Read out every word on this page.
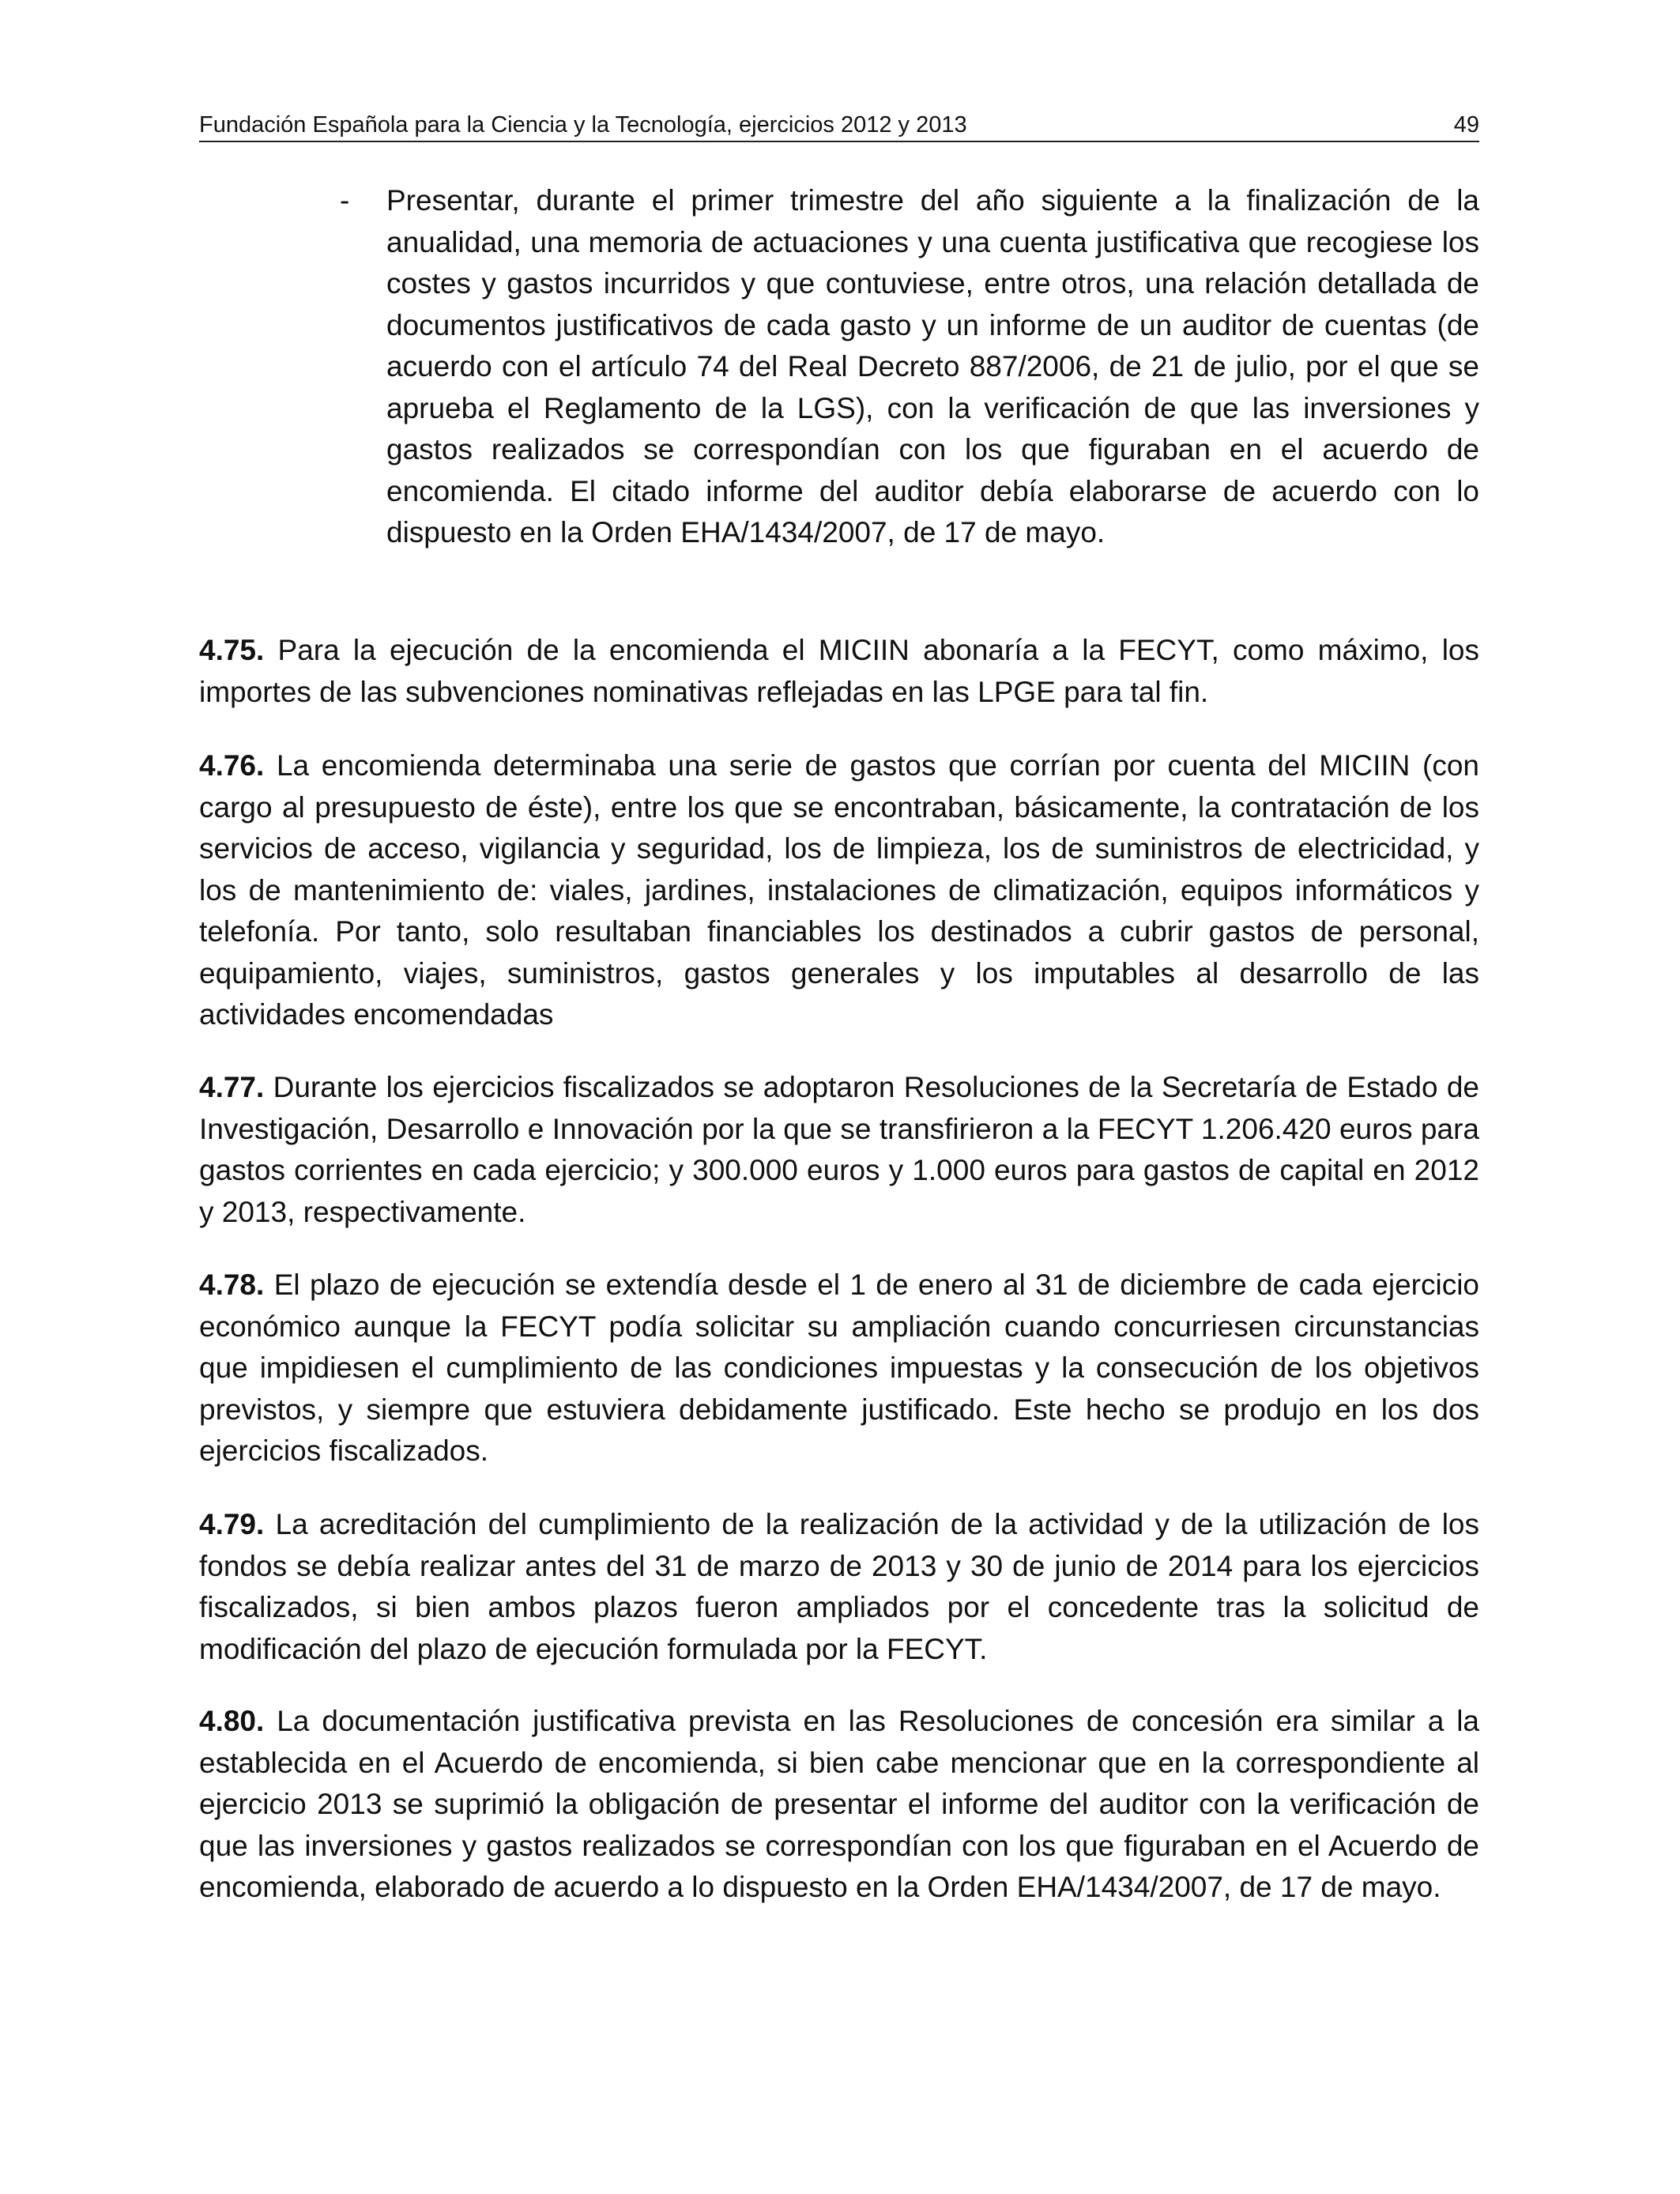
Fundación Española para la Ciencia y la Tecnología, ejercicios 2012 y 2013	49
- Presentar, durante el primer trimestre del año siguiente a la finalización de la anualidad, una memoria de actuaciones y una cuenta justificativa que recogiese los costes y gastos incurridos y que contuviese, entre otros, una relación detallada de documentos justificativos de cada gasto y un informe de un auditor de cuentas (de acuerdo con el artículo 74 del Real Decreto 887/2006, de 21 de julio, por el que se aprueba el Reglamento de la LGS), con la verificación de que las inversiones y gastos realizados se correspondían con los que figuraban en el acuerdo de encomienda. El citado informe del auditor debía elaborarse de acuerdo con lo dispuesto en la Orden EHA/1434/2007, de 17 de mayo.

4.75. Para la ejecución de la encomienda el MICIIN abonaría a la FECYT, como máximo, los importes de las subvenciones nominativas reflejadas en las LPGE para tal fin.

4.76. La encomienda determinaba una serie de gastos que corrían por cuenta del MICIIN (con cargo al presupuesto de éste), entre los que se encontraban, básicamente, la contratación de los servicios de acceso, vigilancia y seguridad, los de limpieza, los de suministros de electricidad, y los de mantenimiento de: viales, jardines, instalaciones de climatización, equipos informáticos y telefonía. Por tanto, solo resultaban financiables los destinados a cubrir gastos de personal, equipamiento, viajes, suministros, gastos generales y los imputables al desarrollo de las actividades encomendadas

4.77. Durante los ejercicios fiscalizados se adoptaron Resoluciones de la Secretaría de Estado de Investigación, Desarrollo e Innovación por la que se transfirieron a la FECYT 1.206.420 euros para gastos corrientes en cada ejercicio; y 300.000 euros y 1.000 euros para gastos de capital en 2012 y 2013, respectivamente.

4.78. El plazo de ejecución se extendía desde el 1 de enero al 31 de diciembre de cada ejercicio económico aunque la FECYT podía solicitar su ampliación cuando concurriesen circunstancias que impidiesen el cumplimiento de las condiciones impuestas y la consecución de los objetivos previstos, y siempre que estuviera debidamente justificado. Este hecho se produjo en los dos ejercicios fiscalizados.

4.79. La acreditación del cumplimiento de la realización de la actividad y de la utilización de los fondos se debía realizar antes del 31 de marzo de 2013 y 30 de junio de 2014 para los ejercicios fiscalizados, si bien ambos plazos fueron ampliados por el concedente tras la solicitud de modificación del plazo de ejecución formulada por la FECYT.

4.80. La documentación justificativa prevista en las Resoluciones de concesión era similar a la establecida en el Acuerdo de encomienda, si bien cabe mencionar que en la correspondiente al ejercicio 2013 se suprimió la obligación de presentar el informe del auditor con la verificación de que las inversiones y gastos realizados se correspondían con los que figuraban en el Acuerdo de encomienda, elaborado de acuerdo a lo dispuesto en la Orden EHA/1434/2007, de 17 de mayo.
